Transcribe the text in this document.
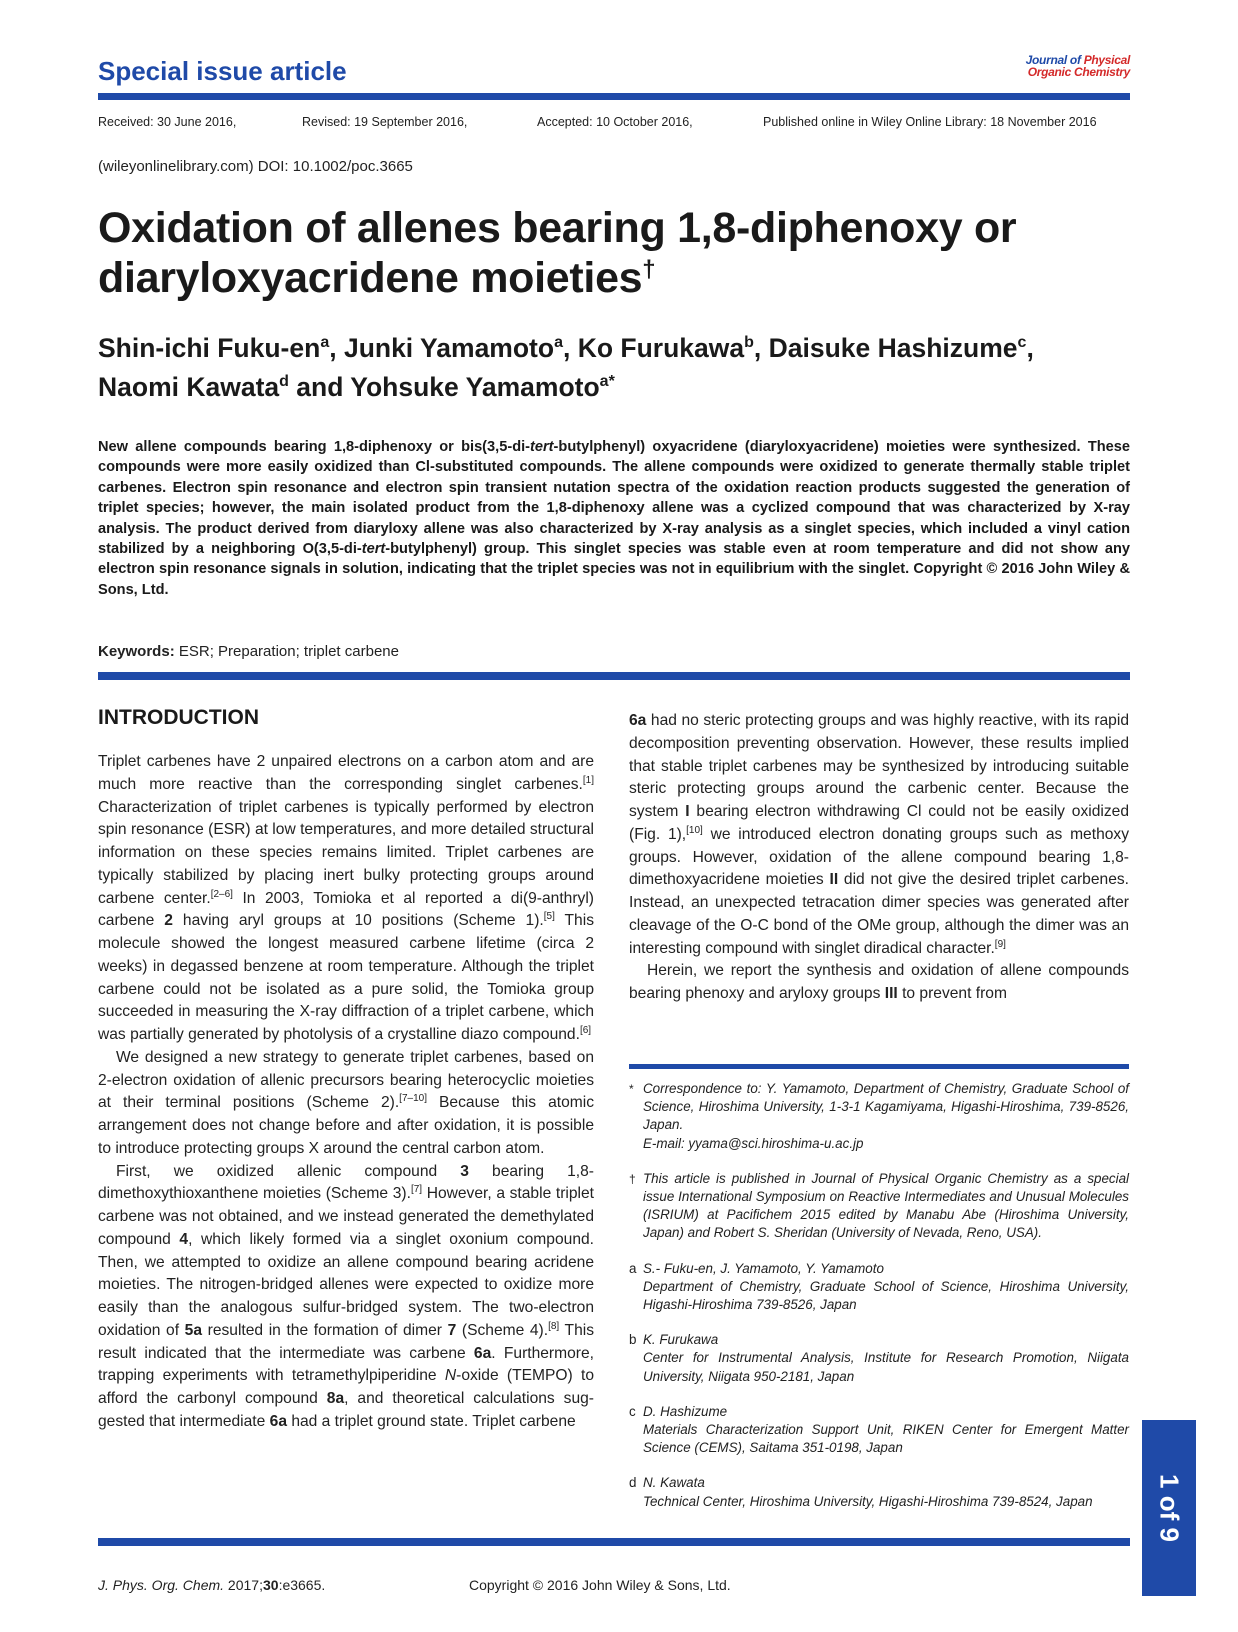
Special issue article	Journal of Physical
Organic Chemistry
Received: 30 June 2016,	Revised: 19 September 2016,	Accepted: 10 October 2016,	Published online in Wiley Online Library: 18 November 2016
(wileyonlinelibrary.com) DOI: 10.1002/poc.3665
Oxidation of allenes bearing 1,8-diphenoxy or
diaryloxyacridene moieties†
Shin-ichi Fuku-$en^a$, Junki Yamamoto$^a$, Ko Furukawa$^b$, Daisuke Hashizume$^c$,
Naomi Kawata$^d$ and Yohsuke Yamamoto$^{a*}$
New allene compounds bearing 1,8-diphenoxy or bis(3,5-di-tert-butylphenyl) oxyacridene (diaryloxyacridene) moieties were synthesized. These compounds were more easily oxidized than Cl-substituted compounds. The allene compounds were oxidized to generate thermally stable triplet carbenes. Electron spin resonance and electron spin transient nutation spectra of the oxidation reaction products suggested the generation of triplet species; however, the main isolated product from the 1,8-diphenoxy allene was a cyclized compound that was characterized by X-ray analysis. The product derived from diaryloxy allene was also characterized by X-ray analysis as a singlet species, which included a vinyl cation stabilized by a neighboring O(3,5-di-tert-butylphenyl) group. This singlet species was stable even at room temperature and did not show any electron spin resonance signals in solution, indicating that the triplet species was not in equilibrium with the singlet. Copyright © 2016 John Wiley & Sons, Ltd.
Keywords: ESR; Preparation; triplet carbene
INTRODUCTION

Triplet carbenes have 2 unpaired electrons on a carbon atom and are much more reactive than the corresponding singlet carbenes.[1] Characterization of triplet carbenes is typically performed by electron spin resonance (ESR) at low temperatures, and more detailed structural information on these species remains limited. Triplet carbenes are typically stabilized by placing inert bulky protecting groups around carbene center.[2–6] In 2003, Tomioka et al reported a di(9-anthryl) carbene 2 having aryl groups at 10 positions (Scheme 1).[5] This molecule showed the longest measured carbene lifetime (circa 2 weeks) in degassed benzene at room temperature. Although the triplet carbene could not be isolated as a pure solid, the Tomioka group succeeded in measuring the X-ray diffraction of a triplet carbene, which was partially generated by photolysis of a crystalline diazo compound.[6]

We designed a new strategy to generate triplet carbenes, based on 2-electron oxidation of allenic precursors bearing heterocyclic moieties at their terminal positions (Scheme 2).[7–10] Because this atomic arrangement does not change before and after oxidation, it is possible to introduce protecting groups X around the central carbon atom.

First, we oxidized allenic compound 3 bearing 1,8-dimethoxythioxanthene moieties (Scheme 3).[7] However, a stable triplet carbene was not obtained, and we instead generated the demethylated compound 4, which likely formed via a singlet oxonium compound. Then, we attempted to oxidize an allene compound bearing acridene moieties. The nitrogen-bridged allenes were expected to oxidize more easily than the analogous sulfur-bridged system. The two-electron oxidation of 5a resulted in the formation of dimer 7 (Scheme 4).[8] This result indicated that the intermediate was carbene 6a. Furthermore, trapping experiments with tetramethylpiperidine N-oxide (TEMPO) to afford the carbonyl compound 8a, and theoretical calculations suggested that intermediate 6a had a triplet ground state. Triplet carbene

6a had no steric protecting groups and was highly reactive, with its rapid decomposition preventing observation. However, these results implied that stable triplet carbenes may be synthesized by introducing suitable steric protecting groups around the carbenic center. Because the system I bearing electron withdrawing Cl could not be easily oxidized (Fig. 1),[10] we introduced electron donating groups such as methoxy groups. However, oxidation of the allene compound bearing 1,8-dimethoxyacridene moieties II did not give the desired triplet carbenes. Instead, an unexpected tetracation dimer species was generated after cleavage of the O-C bond of the OMe group, although the dimer was an interesting compound with singlet diradical character.[9]

Herein, we report the synthesis and oxidation of allene compounds bearing phenoxy and aryloxy groups III to prevent from

* Correspondence to: Y. Yamamoto, Department of Chemistry, Graduate School of Science, Hiroshima University, 1-3-1 Kagamiyama, Higashi-Hiroshima, 739-8526, Japan.
E-mail: yyama@sci.hiroshima-u.ac.jp
† This article is published in Journal of Physical Organic Chemistry as a special issue International Symposium on Reactive Intermediates and Unusual Molecules (ISRIUM) at Pacifichem 2015 edited by Manabu Abe (Hiroshima University, Japan) and Robert S. Sheridan (University of Nevada, Reno, USA).
a S.- Fuku-en, J. Yamamoto, Y. Yamamoto
Department of Chemistry, Graduate School of Science, Hiroshima University, Higashi-Hiroshima 739-8526, Japan
b K. Furukawa
Center for Instrumental Analysis, Institute for Research Promotion, Niigata University, Niigata 950-2181, Japan
c D. Hashizume
Materials Characterization Support Unit, RIKEN Center for Emergent Matter Science (CEMS), Saitama 351-0198, Japan
d N. Kawata
Technical Center, Hiroshima University, Higashi-Hiroshima 739-8524, Japan
J. Phys. Org. Chem. 2017;30:e3665.	Copyright © 2016 John Wiley & Sons, Ltd.
1 of 9
